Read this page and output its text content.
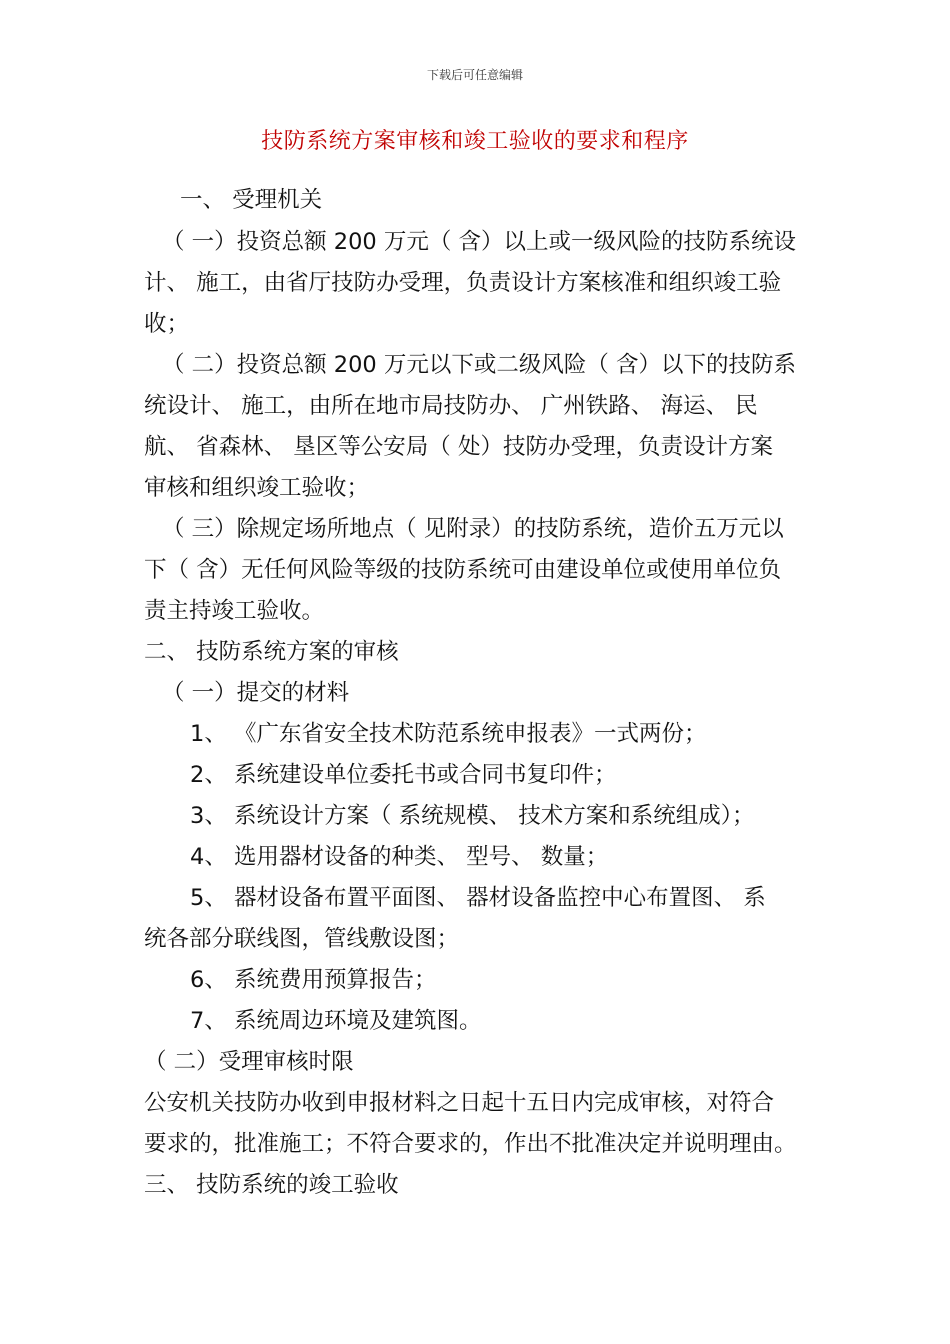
下载后可任意编辑
技防系统方案审核和竣工验收的要求和程序
一、 受理机关
（ 一）投资总额 200 万元（ 含）以上或一级风险的技防系统设
计、 施工，由省厅技防办受理，负责设计方案核准和组织竣工验
收；
（ 二）投资总额 200 万元以下或二级风险（ 含）以下的技防系
统设计、 施工，由所在地市局技防办、 广州铁路、 海运、 民
航、 省森林、 垦区等公安局（ 处）技防办受理，负责设计方案
审核和组织竣工验收；
（ 三）除规定场所地点（ 见附录）的技防系统，造价五万元以
下（ 含）无任何风险等级的技防系统可由建设单位或使用单位负
责主持竣工验收。
二、 技防系统方案的审核
（ 一）提交的材料
1、 《广东省安全技术防范系统申报表》一式两份；
2、 系统建设单位委托书或合同书复印件；
3、 系统设计方案（ 系统规模、 技术方案和系统组成）；
4、 选用器材设备的种类、 型号、 数量；
5、 器材设备布置平面图、 器材设备监控中心布置图、 系
统各部分联线图，管线敷设图；
6、 系统费用预算报告；
7、 系统周边环境及建筑图。
（ 二）受理审核时限
公安机关技防办收到申报材料之日起十五日内完成审核，对符合
要求的，批准施工；不符合要求的，作出不批准决定并说明理由。
三、 技防系统的竣工验收
